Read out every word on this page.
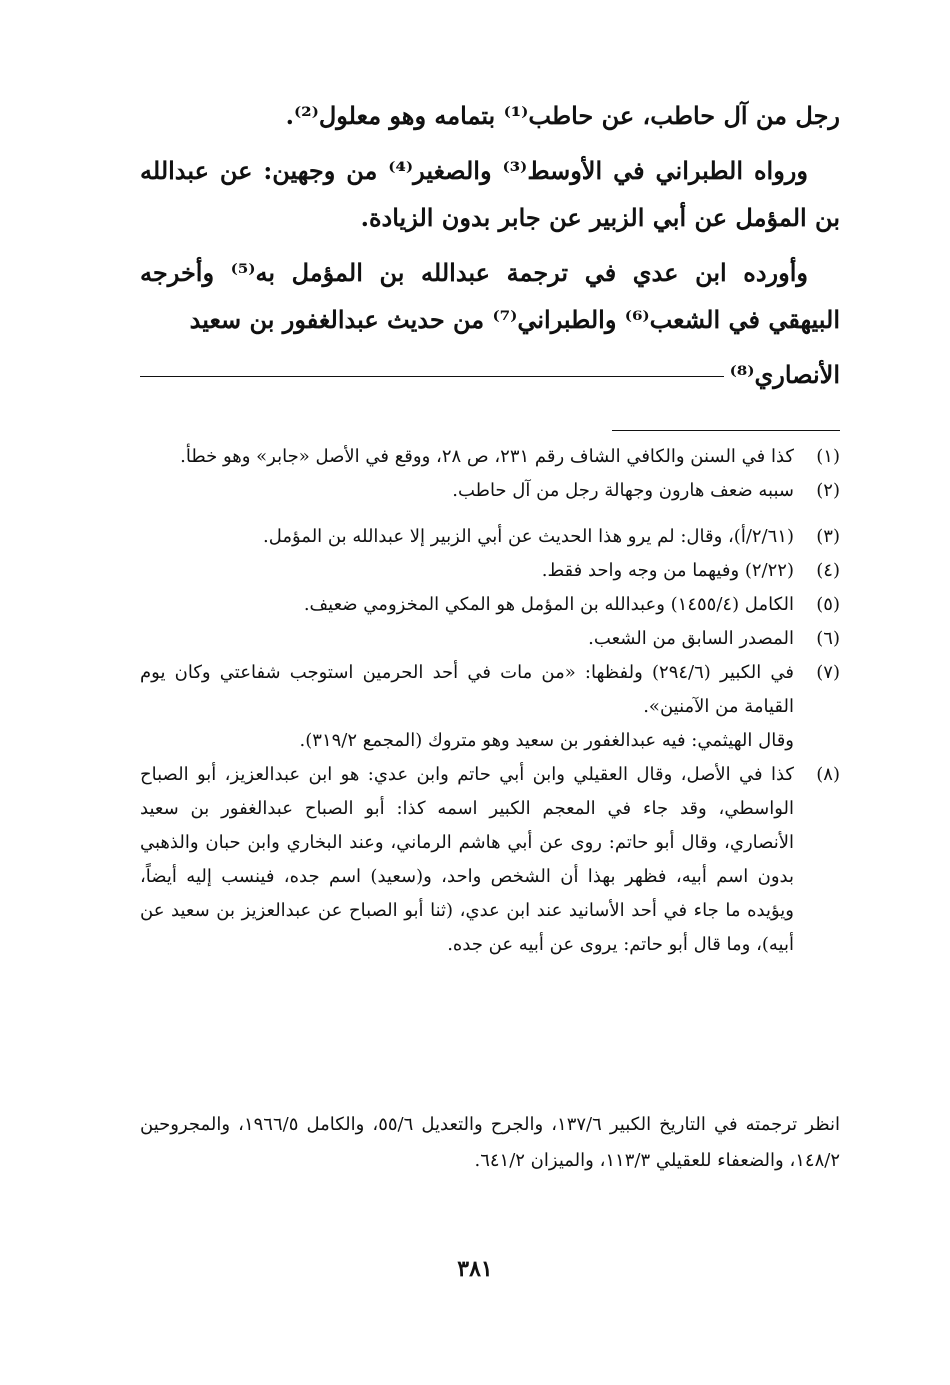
رجل من آل حاطب، عن حاطب⁽¹⁾ بتمامه وهو معلول⁽²⁾.

ورواه الطبراني في الأوسط⁽³⁾ والصغير⁽⁴⁾ من وجهين: عن عبدالله بن المؤمل عن أبي الزبير عن جابر بدون الزيادة.

وأورده ابن عدي في ترجمة عبدالله بن المؤمل به⁽⁵⁾ وأخرجه البيهقي في الشعب⁽⁶⁾ والطبراني⁽⁷⁾ من حديث عبدالغفور بن سعيد

الأنصاري⁽⁸⁾
(١)
كذا في السنن والكافي الشاف رقم ٢٣١، ص ٢٨، ووقع في الأصل «جابر» وهو خطأ.
(٢)
سببه ضعف هارون وجهالة رجل من آل حاطب.
(٣)
(٢/٦١/أ)، وقال: لم يرو هذا الحديث عن أبي الزبير إلا عبدالله بن المؤمل.
(٤)
(٢/٢٢) وفيهما من وجه واحد فقط.
(٥)
الكامل (١٤٥٥/٤) وعبدالله بن المؤمل هو المكي المخزومي ضعيف.
(٦)
المصدر السابق من الشعب.
(٧)
في الكبير (٢٩٤/٦) ولفظها: «من مات في أحد الحرمين استوجب شفاعتي وكان يوم القيامة من الآمنين».
وقال الهيثمي: فيه عبدالغفور بن سعيد وهو متروك (المجمع ٣١٩/٢).
(٨)
كذا في الأصل، وقال العقيلي وابن أبي حاتم وابن عدي: هو ابن عبدالعزيز، أبو الصباح الواسطي، وقد جاء في المعجم الكبير اسمه كذا: أبو الصباح عبدالغفور بن سعيد الأنصاري، وقال أبو حاتم: روى عن أبي هاشم الرماني، وعند البخاري وابن حبان والذهبي بدون اسم أبيه، فظهر بهذا أن الشخص واحد، و(سعيد) اسم جده، فينسب إليه أيضاً، ويؤيده ما جاء في أحد الأسانيد عند ابن عدي، (ثنا أبو الصباح عن عبدالعزيز بن سعيد عن أبيه)، وما قال أبو حاتم: يروى عن أبيه عن جده.

انظر ترجمته في التاريخ الكبير ١٣٧/٦، والجرح والتعديل ٥٥/٦، والكامل ١٩٦٦/٥، والمجروحين ١٤٨/٢، والضعفاء للعقيلي ١١٣/٣، والميزان ٦٤١/٢.

٣٨١
